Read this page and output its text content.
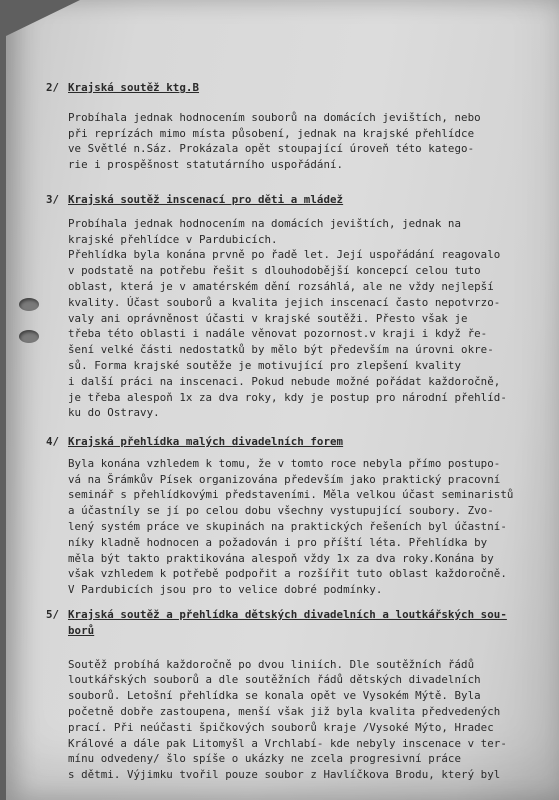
2/ Krajská soutěž ktg.B
Probíhala jednak hodnocením souborů na domácích jevištích, nebo
při reprízách mimo místa působení, jednak na krajské přehlídce
ve Světlé n.Sáz. Prokázala opět stoupající úroveň této katego-
rie i prospěšnost statutárního uspořádání.
3/ Krajská soutěž inscenací pro děti a mládež
Probíhala jednak hodnocením na domácích jevištích, jednak na
krajské přehlídce v Pardubicích.
Přehlídka byla konána prvně po řadě let. Její uspořádání reagovalo
v podstatě na potřebu řešit s dlouhodobější koncepcí celou tuto
oblast, která je v amatérském dění rozsáhlá, ale ne vždy nejlepší
kvality. Účast souborů a kvalita jejich inscenací často nepotvrzo-
valy ani oprávněnost účasti v krajské soutěži. Přesto však je
třeba této oblasti i nadále věnovat pozornost.v kraji i když ře-
šení velké části nedostatků by mělo být především na úrovni okre-
sů. Forma krajské soutěže je motivující pro zlepšení kvality
i další práci na inscenaci. Pokud nebude možné pořádat každoročně,
je třeba alespoň 1x za dva roky, kdy je postup pro národní přehlíd-
ku do Ostravy.
4/ Krajská přehlídka malých divadelních forem
Byla konána vzhledem k tomu, že v tomto roce nebyla přímo postupo-
vá na Šrámkův Písek organizována především jako praktický pracovní
seminář s přehlídkovými představeními. Měla velkou účast seminaristů
a účastníly se jí po celou dobu všechny vystupující soubory. Zvo-
lený systém práce ve skupinách na praktických řešeních byl účastní-
níky kladně hodnocen a požadován i pro příští léta. Přehlídka by
měla být takto praktikována alespoň vždy 1x za dva roky.Konána by
však vzhledem k potřebě podpořit a rozšířit tuto oblast každoročně.
V Pardubicích jsou pro to velice dobré podmínky.
5/ Krajská soutěž a přehlídka dětských divadelních a loutkářských sou-
borů
Soutěž probíhá každoročně po dvou liniích. Dle soutěžních řádů
loutkářských souborů a dle soutěžních řádů dětských divadelních
souborů. Letošní přehlídka se konala opět ve Vysokém Mýtě. Byla
početně dobře zastoupena, menší však již byla kvalita předvedených
prací. Při neúčasti špičkových souborů kraje /Vysoké Mýto, Hradec
Králové a dále pak Litomyšl a Vrchlabí- kde nebyly inscenace v ter-
mínu odvedeny/ šlo spíše o ukázky ne zcela progresivní práce
s dětmi. Výjimku tvořil pouze soubor z Havlíčkova Brodu, který byl
